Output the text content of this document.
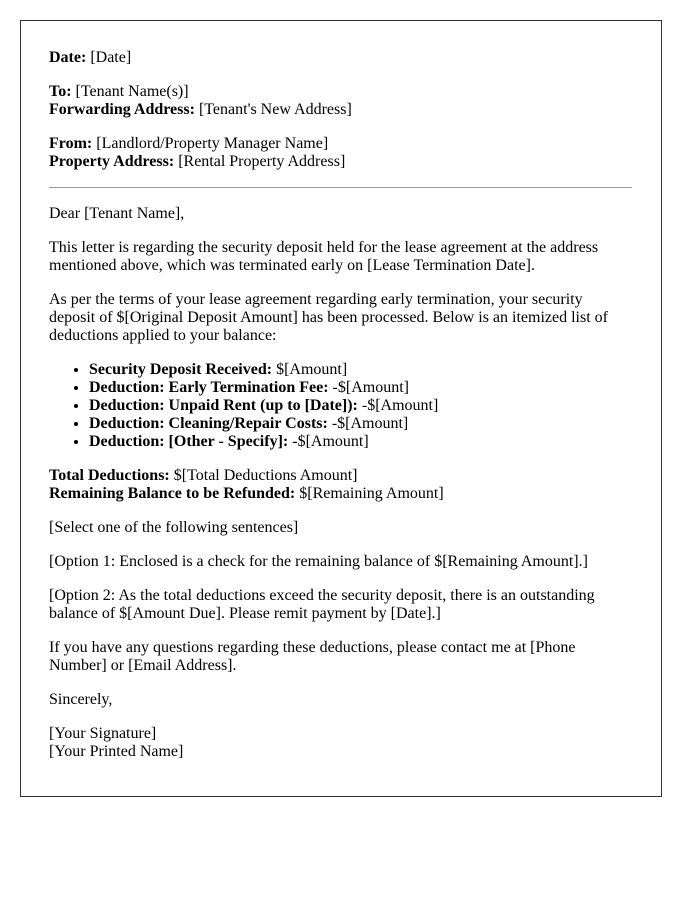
Date: [Date]

To: [Tenant Name(s)]
Forwarding Address: [Tenant's New Address]

From: [Landlord/Property Manager Name]
Property Address: [Rental Property Address]

Dear [Tenant Name],

This letter is regarding the security deposit held for the lease agreement at the address mentioned above, which was terminated early on [Lease Termination Date].

As per the terms of your lease agreement regarding early termination, your security deposit of $[Original Deposit Amount] has been processed. Below is an itemized list of deductions applied to your balance:

• Security Deposit Received: $[Amount]
• Deduction: Early Termination Fee: -$[Amount]
• Deduction: Unpaid Rent (up to [Date]): -$[Amount]
• Deduction: Cleaning/Repair Costs: -$[Amount]
• Deduction: [Other - Specify]: -$[Amount]

Total Deductions: $[Total Deductions Amount]
Remaining Balance to be Refunded: $[Remaining Amount]

[Select one of the following sentences]

[Option 1: Enclosed is a check for the remaining balance of $[Remaining Amount].]

[Option 2: As the total deductions exceed the security deposit, there is an outstanding balance of $[Amount Due]. Please remit payment by [Date].]

If you have any questions regarding these deductions, please contact me at [Phone Number] or [Email Address].

Sincerely,

[Your Signature]
[Your Printed Name]
